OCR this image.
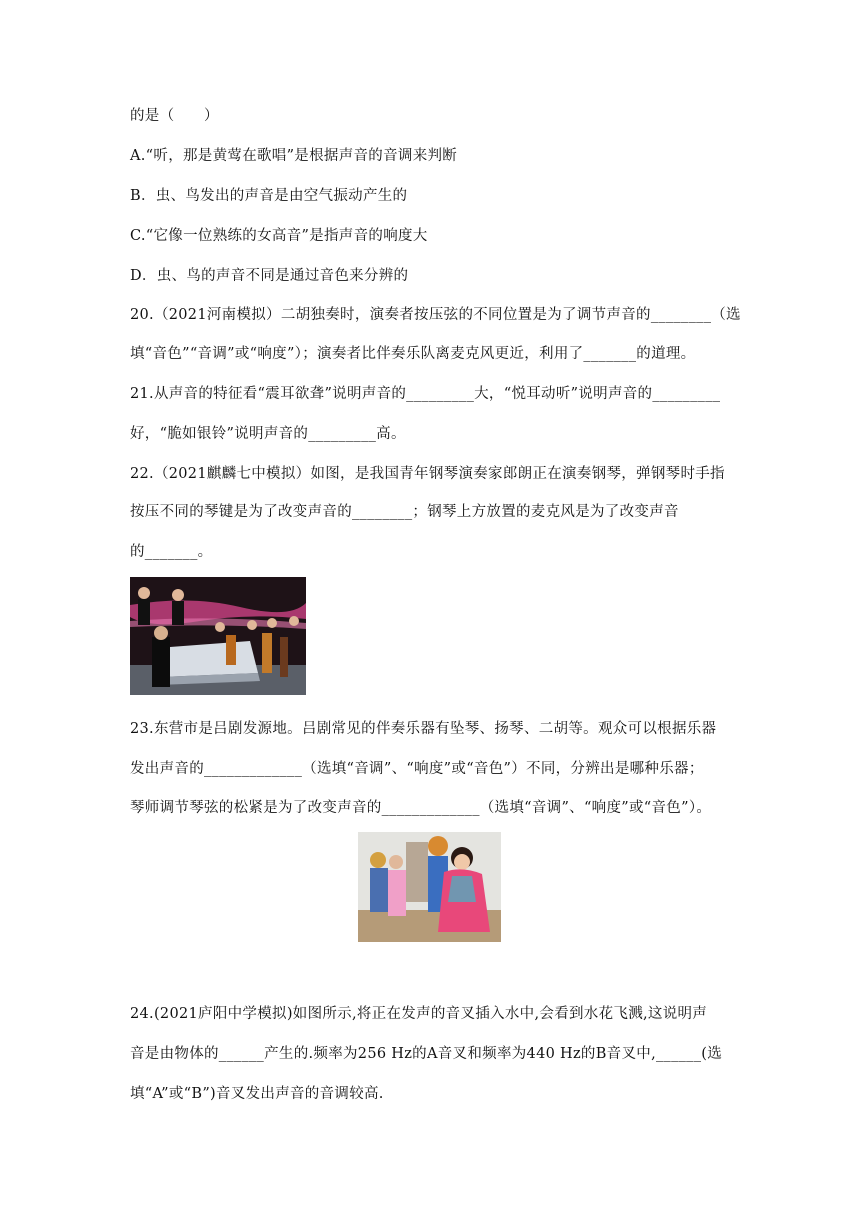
的是（　　）
A.“听，那是黄莺在歌唱”是根据声音的音调来判断
B．虫、鸟发出的声音是由空气振动产生的
C.“它像一位熟练的女高音”是指声音的响度大
D．虫、鸟的声音不同是通过音色来分辨的
20.（2021河南模拟）二胡独奏时，演奏者按压弦的不同位置是为了调节声音的________（选
填“音色”“音调”或“响度”）；演奏者比伴奏乐队离麦克风更近，利用了_______的道理。
21.从声音的特征看“震耳欲聋”说明声音的_________大，“悦耳动听”说明声音的_________
好，“脆如银铃”说明声音的_________高。
22.（2021麒麟七中模拟）如图，是我国青年钢琴演奏家郎朗正在演奏钢琴，弹钢琴时手指
按压不同的琴键是为了改变声音的________；钢琴上方放置的麦克风是为了改变声音
的_______。
23.东营市是吕剧发源地。吕剧常见的伴奏乐器有坠琴、扬琴、二胡等。观众可以根据乐器
发出声音的_____________（选填“音调”、“响度”或“音色”）不同，分辨出是哪种乐器；
琴师调节琴弦的松紧是为了改变声音的_____________（选填“音调”、“响度”或“音色”）。
24.(2021庐阳中学模拟)如图所示,将正在发声的音叉插入水中,会看到水花飞溅,这说明声
音是由物体的______产生的.频率为256 Hz的A音叉和频率为440 Hz的B音叉中,______(选
填“A”或“B”)音叉发出声音的音调较高.
